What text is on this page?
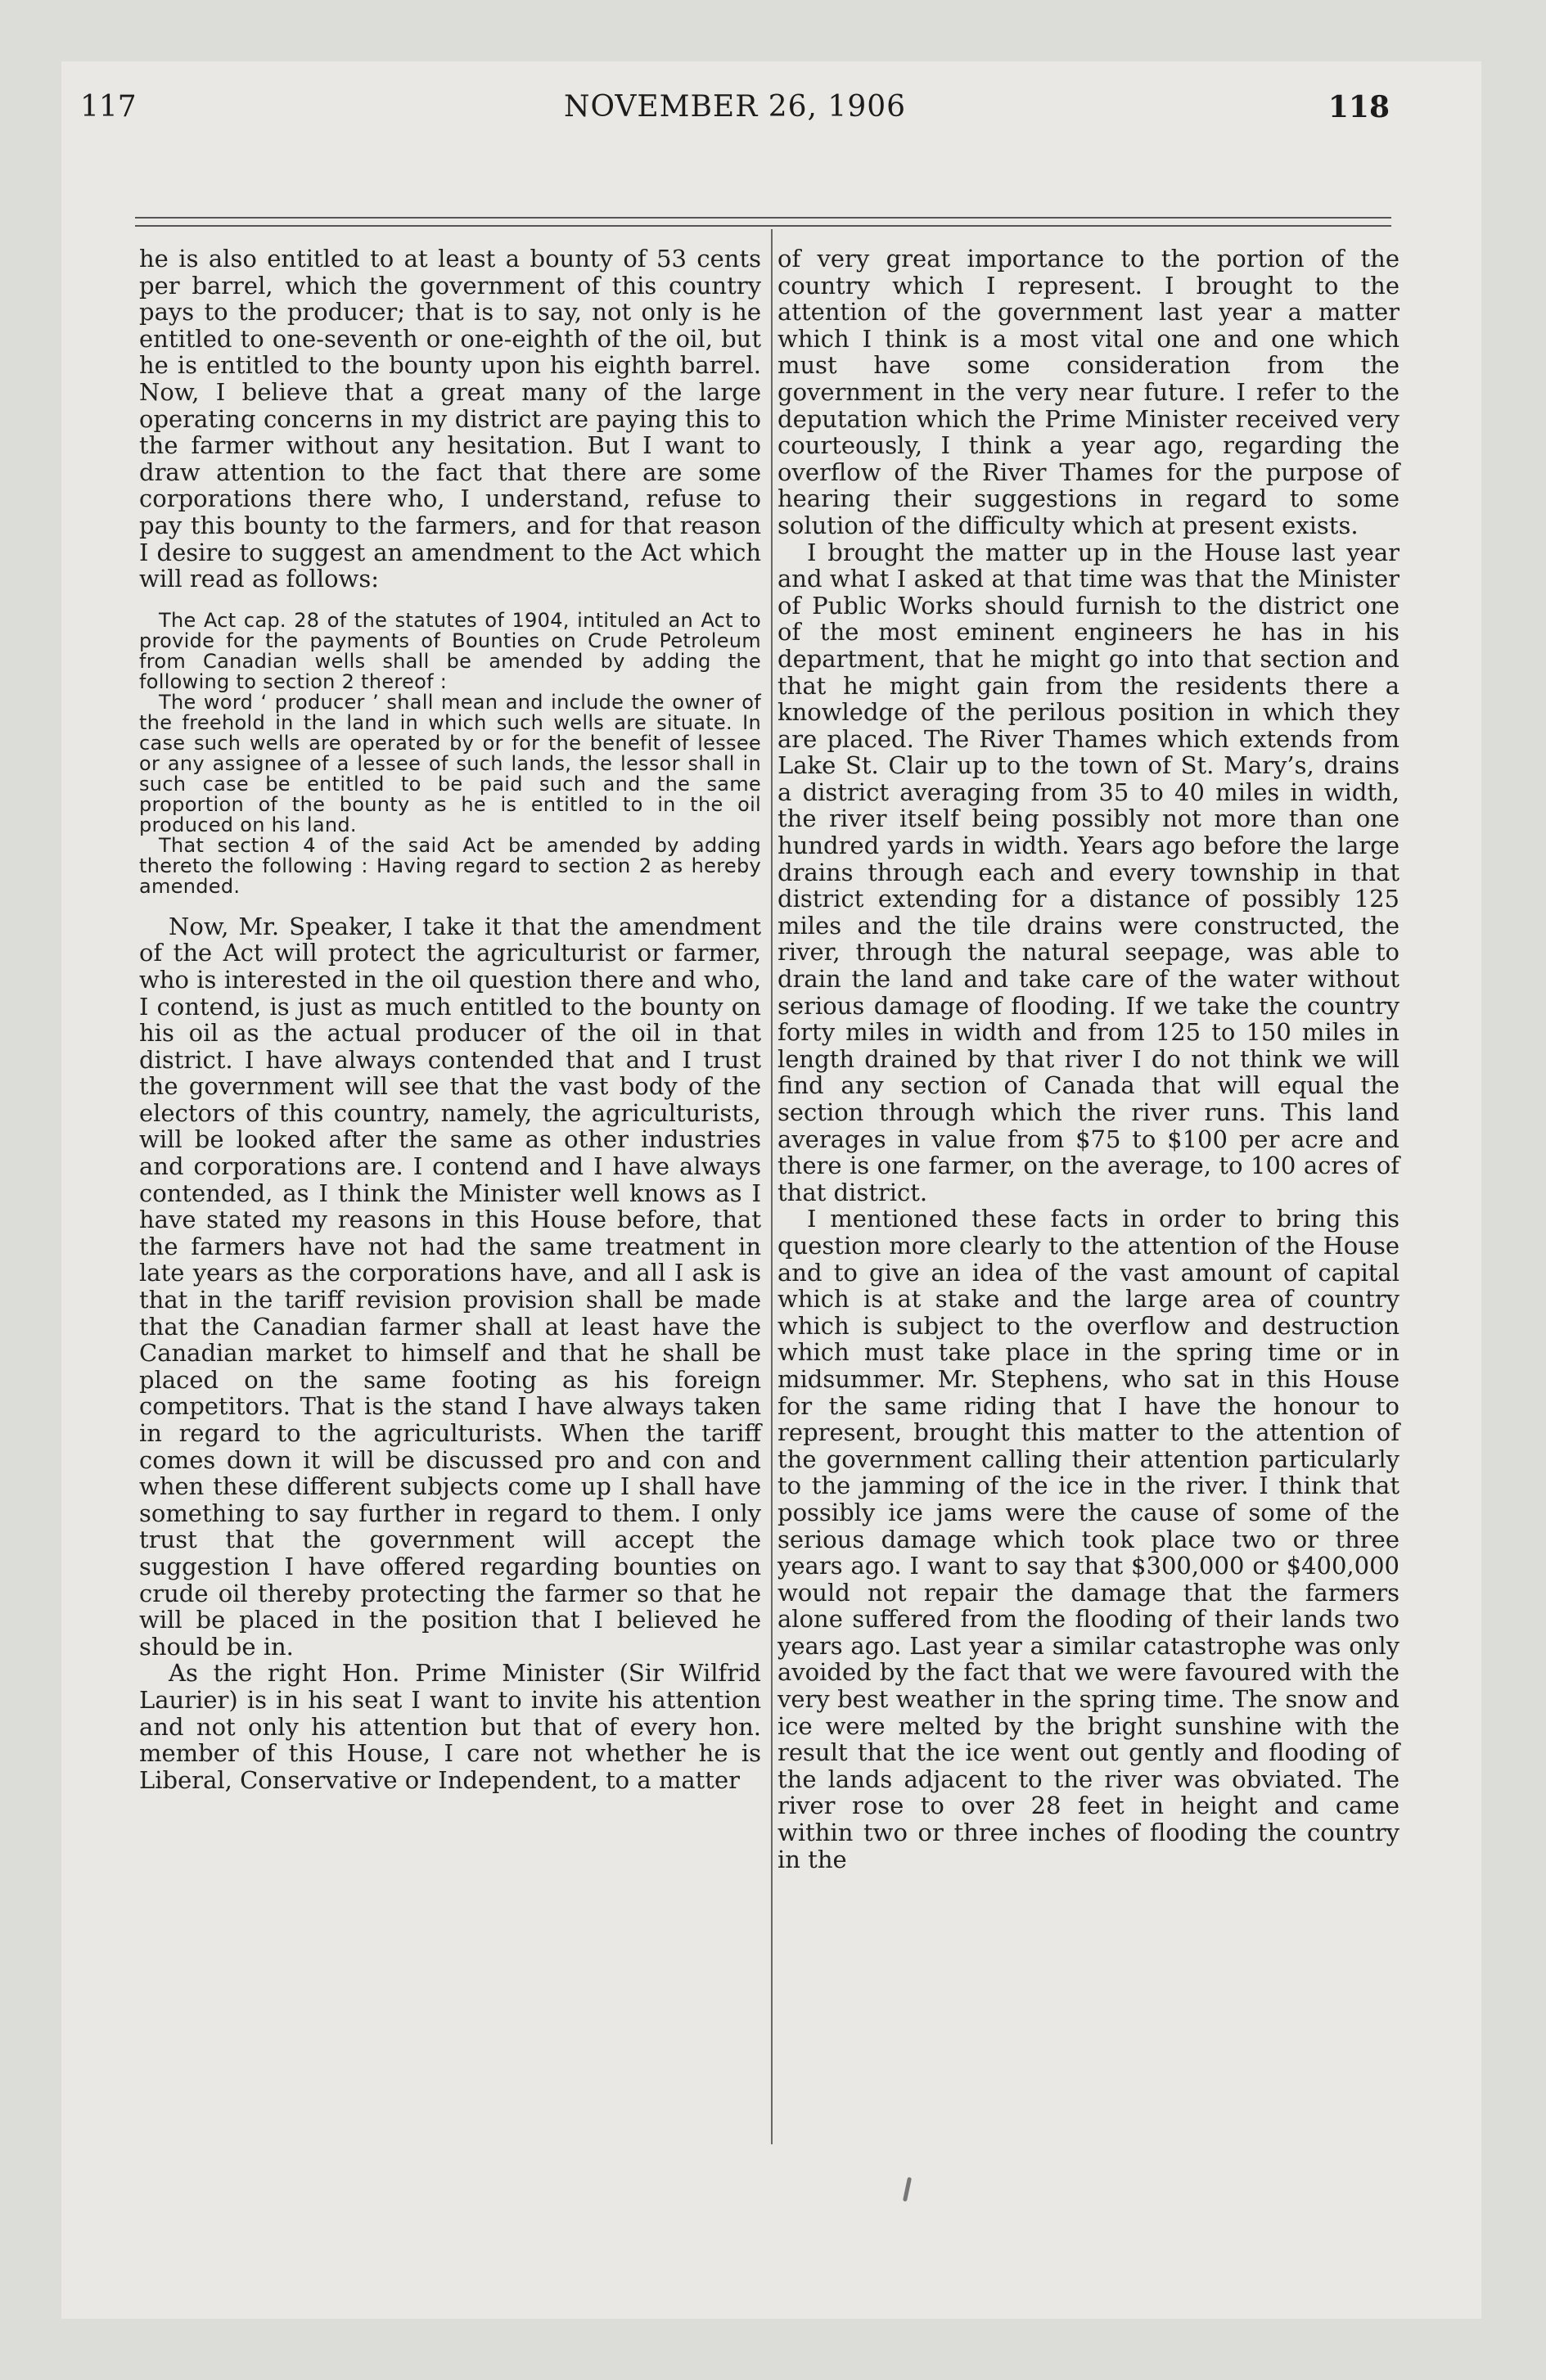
117	NOVEMBER 26, 1906	118

he is also entitled to at least a bounty of 53 cents per barrel, which the government of this country pays to the producer; that is to say, not only is he entitled to one-seventh or one-eighth of the oil, but he is entitled to the bounty upon his eighth barrel. Now, I believe that a great many of the large operating concerns in my district are paying this to the farmer without any hesitation. But I want to draw attention to the fact that there are some corporations there who, I understand, refuse to pay this bounty to the farmers, and for that reason I desire to suggest an amendment to the Act which will read as follows:

The Act cap. 28 of the statutes of 1904, intituled an Act to provide for the payments of Bounties on Crude Petroleum from Canadian wells shall be amended by adding the following to section 2 thereof :

The word ‘ producer ’ shall mean and include the owner of the freehold in the land in which such wells are situate. In case such wells are operated by or for the benefit of lessee or any assignee of a lessee of such lands, the lessor shall in such case be entitled to be paid such and the same proportion of the bounty as he is entitled to in the oil produced on his land.

That section 4 of the said Act be amended by adding thereto the following : Having regard to section 2 as hereby amended.

Now, Mr. Speaker, I take it that the amendment of the Act will protect the agriculturist or farmer, who is interested in the oil question there and who, I contend, is just as much entitled to the bounty on his oil as the actual producer of the oil in that district. I have always contended that and I trust the government will see that the vast body of the electors of this country, namely, the agriculturists, will be looked after the same as other industries and corporations are. I contend and I have always contended, as I think the Minister well knows as I have stated my reasons in this House before, that the farmers have not had the same treatment in late years as the corporations have, and all I ask is that in the tariff revision provision shall be made that the Canadian farmer shall at least have the Canadian market to himself and that he shall be placed on the same footing as his foreign competitors. That is the stand I have always taken in regard to the agriculturists. When the tariff comes down it will be discussed pro and con and when these different subjects come up I shall have something to say further in regard to them. I only trust that the government will accept the suggestion I have offered regarding bounties on crude oil thereby protecting the farmer so that he will be placed in the position that I believed he should be in.

As the right Hon. Prime Minister (Sir Wilfrid Laurier) is in his seat I want to invite his attention and not only his attention but that of every hon. member of this House, I care not whether he is Liberal, Conservative or Independent, to a matter

of very great importance to the portion of the country which I represent. I brought to the attention of the government last year a matter which I think is a most vital one and one which must have some consideration from the government in the very near future. I refer to the deputation which the Prime Minister received very courteously, I think a year ago, regarding the overflow of the River Thames for the purpose of hearing their suggestions in regard to some solution of the difficulty which at present exists.

I brought the matter up in the House last year and what I asked at that time was that the Minister of Public Works should furnish to the district one of the most eminent engineers he has in his department, that he might go into that section and that he might gain from the residents there a knowledge of the perilous position in which they are placed. The River Thames which extends from Lake St. Clair up to the town of St. Mary’s, drains a district averaging from 35 to 40 miles in width, the river itself being possibly not more than one hundred yards in width. Years ago before the large drains through each and every township in that district extending for a distance of possibly 125 miles and the tile drains were constructed, the river, through the natural seepage, was able to drain the land and take care of the water without serious damage of flooding. If we take the country forty miles in width and from 125 to 150 miles in length drained by that river I do not think we will find any section of Canada that will equal the section through which the river runs. This land averages in value from $75 to $100 per acre and there is one farmer, on the average, to 100 acres of that district.

I mentioned these facts in order to bring this question more clearly to the attention of the House and to give an idea of the vast amount of capital which is at stake and the large area of country which is subject to the overflow and destruction which must take place in the spring time or in midsummer. Mr. Stephens, who sat in this House for the same riding that I have the honour to represent, brought this matter to the attention of the government calling their attention particularly to the jamming of the ice in the river. I think that possibly ice jams were the cause of some of the serious damage which took place two or three years ago. I want to say that $300,000 or $400,000 would not repair the damage that the farmers alone suffered from the flooding of their lands two years ago. Last year a similar catastrophe was only avoided by the fact that we were favoured with the very best weather in the spring time. The snow and ice were melted by the bright sunshine with the result that the ice went out gently and flooding of the lands adjacent to the river was obviated. The river rose to over 28 feet in height and came within two or three inches of flooding the country in the
